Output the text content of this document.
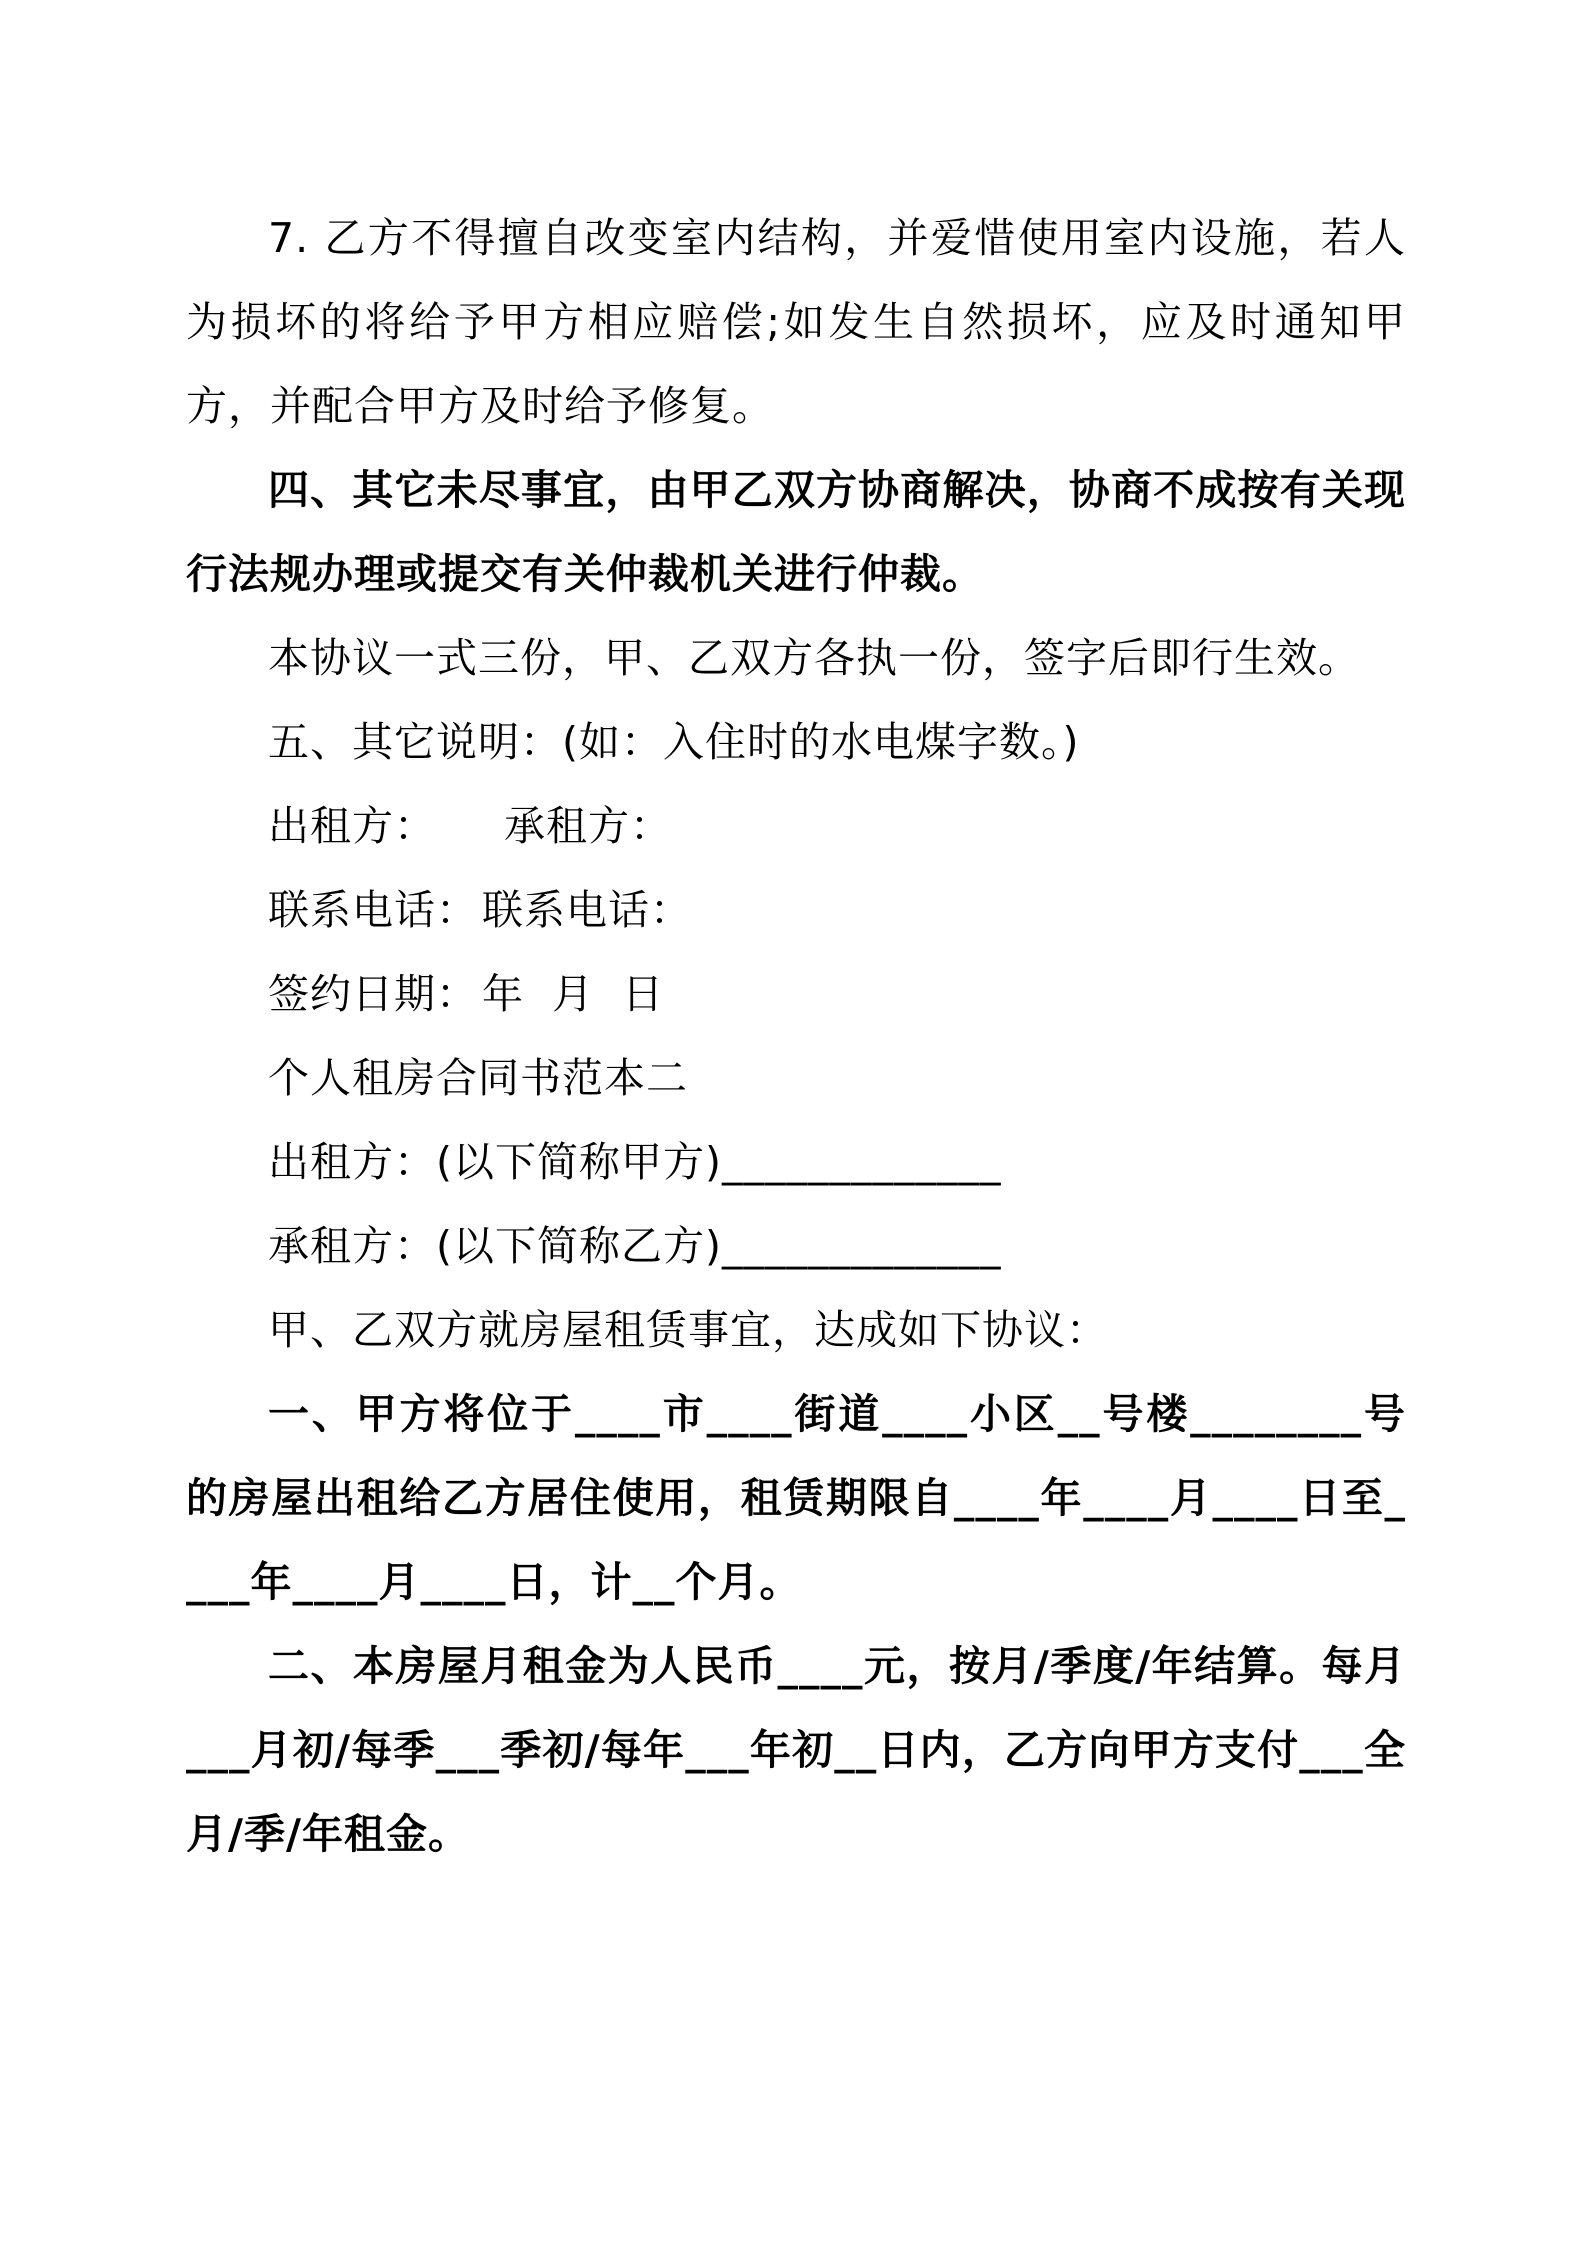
7. 乙方不得擅自改变室内结构，并爱惜使用室内设施，若人为损坏的将给予甲方相应赔偿;如发生自然损坏，应及时通知甲方，并配合甲方及时给予修复。

四、其它未尽事宜，由甲乙双方协商解决，协商不成按有关现行法规办理或提交有关仲裁机关进行仲裁。

本协议一式三份，甲、乙双方各执一份，签字后即行生效。

五、其它说明：(如：入住时的水电煤字数。)

出租方： 承租方：

联系电话：联系电话：

签约日期：年  月  日

个人租房合同书范本二

出租方：(以下简称甲方)_____________

承租方：(以下简称乙方)_____________

甲、乙双方就房屋租赁事宜，达成如下协议：

一、甲方将位于____市____街道____小区__号楼________号的房屋出租给乙方居住使用，租赁期限自____年____月____日至____年____月____日，计__个月。

二、本房屋月租金为人民币____元，按月/季度/年结算。每月___月初/每季___季初/每年___年初__日内，乙方向甲方支付___全月/季/年租金。
